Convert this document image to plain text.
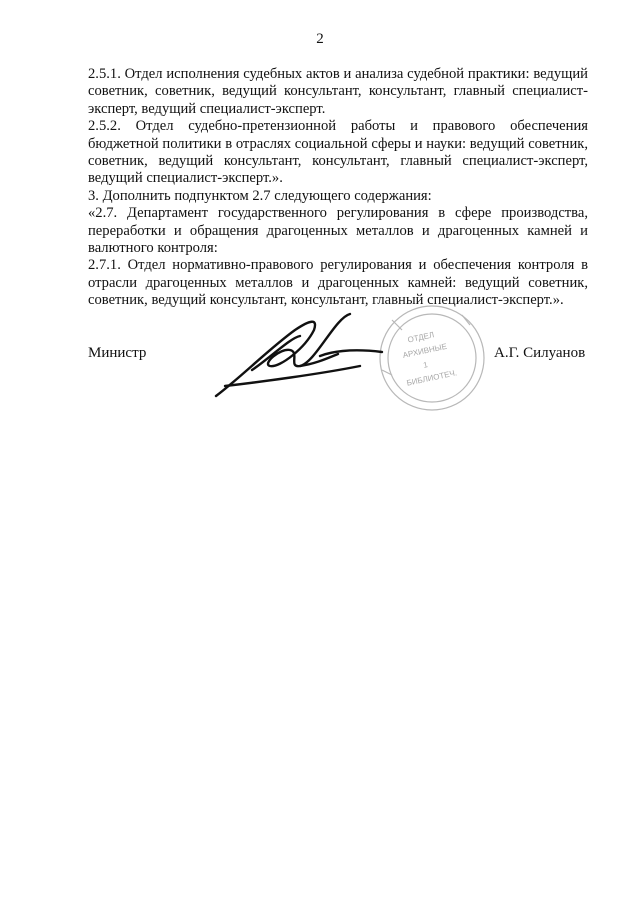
2

2.5.1. Отдел исполнения судебных актов и анализа судебной практики: ведущий советник, советник, ведущий консультант, консультант, главный специалист-эксперт, ведущий специалист-эксперт.

2.5.2. Отдел судебно-претензионной работы и правового обеспечения бюджетной политики в отраслях социальной сферы и науки: ведущий советник, советник, ведущий консультант, консультант, главный специалист-эксперт, ведущий специалист-эксперт.».

3. Дополнить подпунктом 2.7 следующего содержания:

«2.7. Департамент государственного регулирования в сфере производства, переработки и обращения драгоценных металлов и драгоценных камней и валютного контроля:

2.7.1. Отдел нормативно-правового регулирования и обеспечения контроля в отрасли драгоценных металлов и драгоценных камней: ведущий советник, советник, ведущий консультант, консультант, главный специалист-эксперт.».

Министр
ОТДЕЛ
АРХИВНЫЕ
1
БИБЛИОТЕЧ.
А.Г. Силуанов
